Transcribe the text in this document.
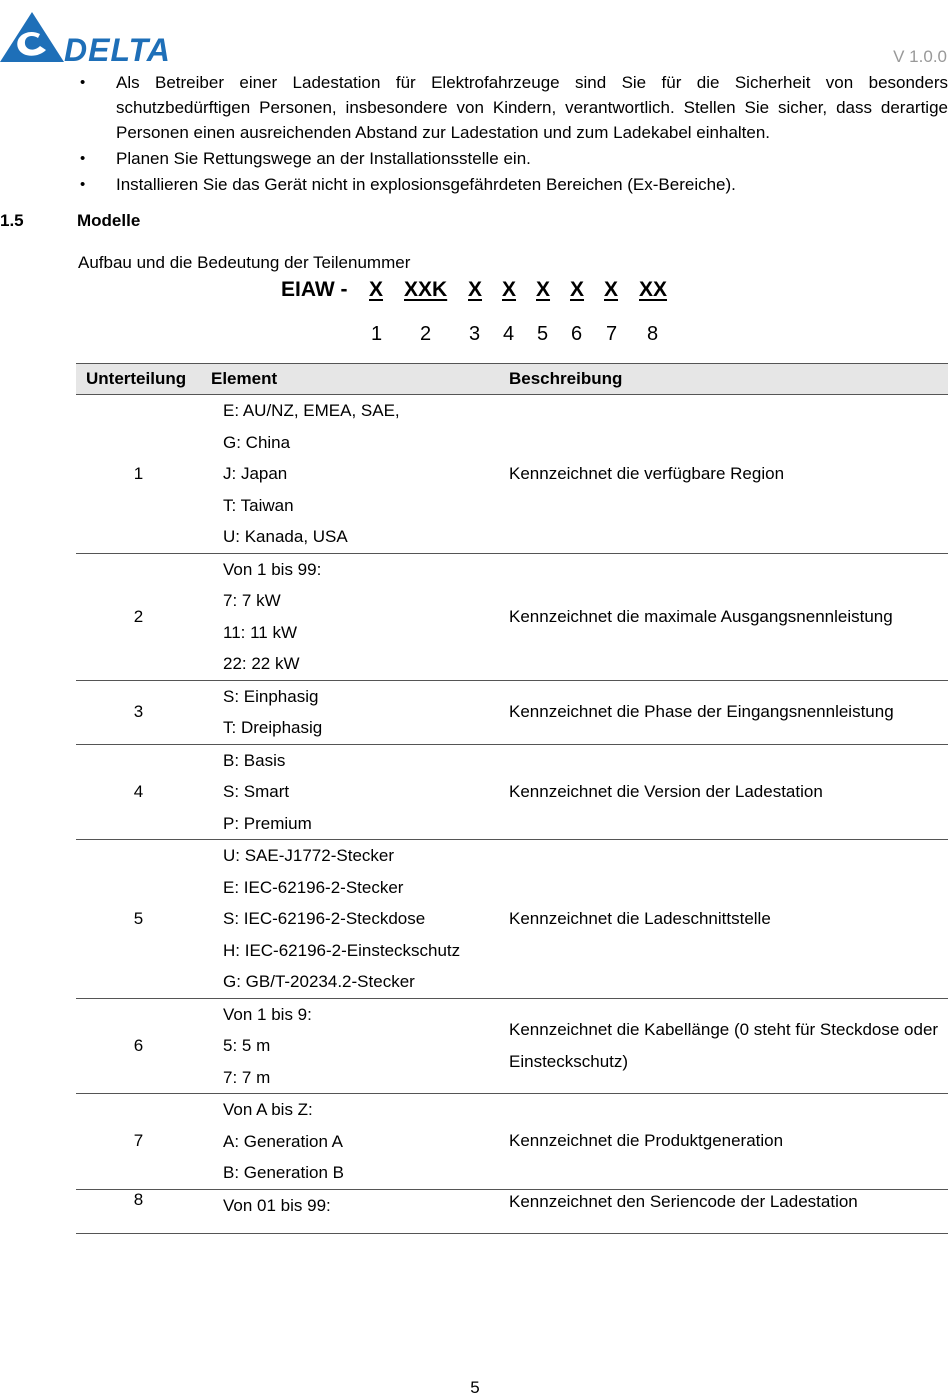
DELTA	V 1.0.0
• Als Betreiber einer Ladestation für Elektrofahrzeuge sind Sie für die Sicherheit von besonders schutzbedürftigen Personen, insbesondere von Kindern, verantwortlich. Stellen Sie sicher, dass derartige Personen einen ausreichenden Abstand zur Ladestation und zum Ladekabel einhalten.
• Planen Sie Rettungswege an der Installationsstelle ein.
• Installieren Sie das Gerät nicht in explosionsgefährdeten Bereichen (Ex-Bereiche).
1.5	Modelle
Aufbau und die Bedeutung der Teilenummer
EIAW - X XXK X X X X X XX
1 2 3 4 5 6 7 8
Unterteilung	Element	Beschreibung
1	E: AU/NZ, EMEA, SAE,
G: China
J: Japan
T: Taiwan
U: Kanada, USA	Kennzeichnet die verfügbare Region
2	Von 1 bis 99:
7: 7 kW
11: 11 kW
22: 22 kW	Kennzeichnet die maximale Ausgangsnennleistung
3	S: Einphasig
T: Dreiphasig	Kennzeichnet die Phase der Eingangsnennleistung
4	B: Basis
S: Smart
P: Premium	Kennzeichnet die Version der Ladestation
5	U: SAE-J1772-Stecker
E: IEC-62196-2-Stecker
S: IEC-62196-2-Steckdose
H: IEC-62196-2-Einsteckschutz
G: GB/T-20234.2-Stecker	Kennzeichnet die Ladeschnittstelle
6	Von 1 bis 9:
5: 5 m
7: 7 m	Kennzeichnet die Kabellänge (0 steht für Steckdose oder Einsteckschutz)
7	Von A bis Z:
A: Generation A
B: Generation B	Kennzeichnet die Produktgeneration
8	Von 01 bis 99:	Kennzeichnet den Seriencode der Ladestation
5
